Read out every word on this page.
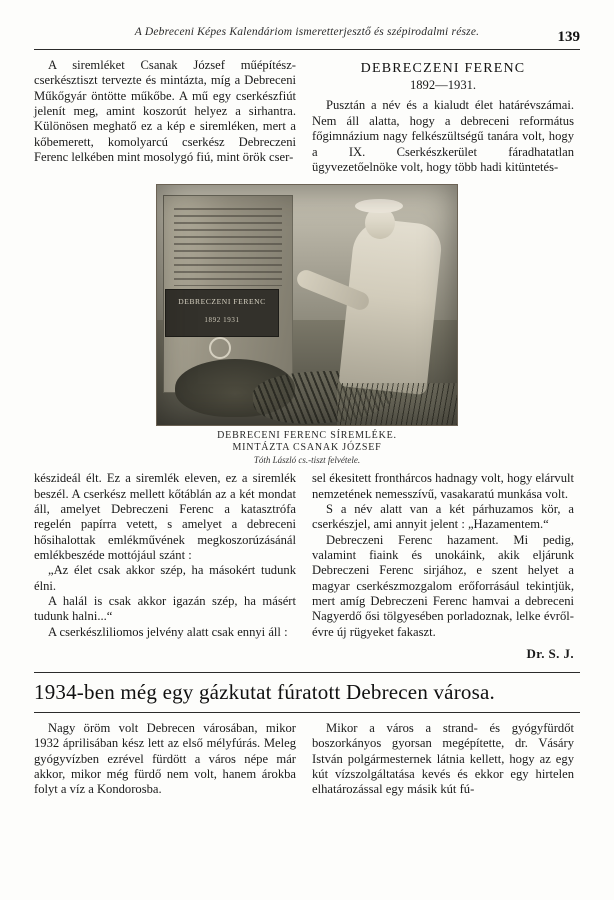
A Debreceni Képes Kalendáriom ismeretterjesztő és szépirodalmi része.	139

A siremléket Csanak József műépítész-cserkésztiszt tervezte és mintázta, míg a Debreceni Műkőgyár öntötte műkőbe. A mű egy cserkészfiút jelenít meg, amint koszorút helyez a sirhantra. Különösen meghatő ez a kép e siremléken, mert a kőbemerett, komolyarcú cserkész Debreczeni Ferenc lelkében mint mosolygó fiú, mint örök cser-

DEBRECZENI FERENC
1892—1931.

Pusztán a név és a kialudt élet határévszámai. Nem áll alatta, hogy a debreceni református főgimnázium nagy felkészültségű tanára volt, hogy a IX. Cserkészkerület fáradhatatlan ügyvezetőelnöke volt, hogy több hadi kitüntetés-

DEBRECZENI FERENC
1892 1931
DEBRECENI FERENC SÍREMLÉKE.
MINTÁZTA CSANAK JÓZSEF
Tóth László cs.-tiszt felvétele.

készideál élt. Ez a siremlék eleven, ez a siremlék beszél. A cserkész mellett kőtáblán az a két mondat áll, amelyet Debreczeni Ferenc a katasztrófa regelén papírra vetett, s amelyet a debreceni hősihalottak emlékművének megkoszorúzásánál emlékbeszéde mottójául szánt :

„Az élet csak akkor szép, ha másokért tudunk élni.

A halál is csak akkor igazán szép, ha másért tudunk halni...“

A cserkészliliomos jelvény alatt csak ennyi áll :

sel ékesitett fronthárcos hadnagy volt, hogy elárvult nemzetének nemesszívű, vasakaratú munkása volt.

S a név alatt van a két párhuzamos kör, a cserkészjel, ami annyit jelent : „Hazamentem.“

Debreczeni Ferenc hazament. Mi pedig, valamint fiaink és unokáink, akik eljárunk Debreczeni Ferenc sirjához, e szent helyet a magyar cserkészmozgalom erőforrásául tekintjük, mert amíg Debreczeni Ferenc hamvai a debreceni Nagyerdő ősi tölgyesében porladoznak, lelke évről-évre új rügyeket fakaszt.

Dr. S. J.
1934-ben még egy gázkutat fúratott Debrecen városa.

Nagy öröm volt Debrecen városában, mikor 1932 áprilisában kész lett az első mélyfúrás. Meleg gyógyvízben ezrével fürdött a város népe már akkor, mikor még fürdő nem volt, hanem árokba folyt a víz a Kondorosba.

Mikor a város a strand- és gyógyfürdőt boszorkányos gyorsan megépítette, dr. Vásáry István polgármesternek látnia kellett, hogy az egy kút vízszolgáltatása kevés és ekkor egy hirtelen elhatározással egy másik kút fú-
